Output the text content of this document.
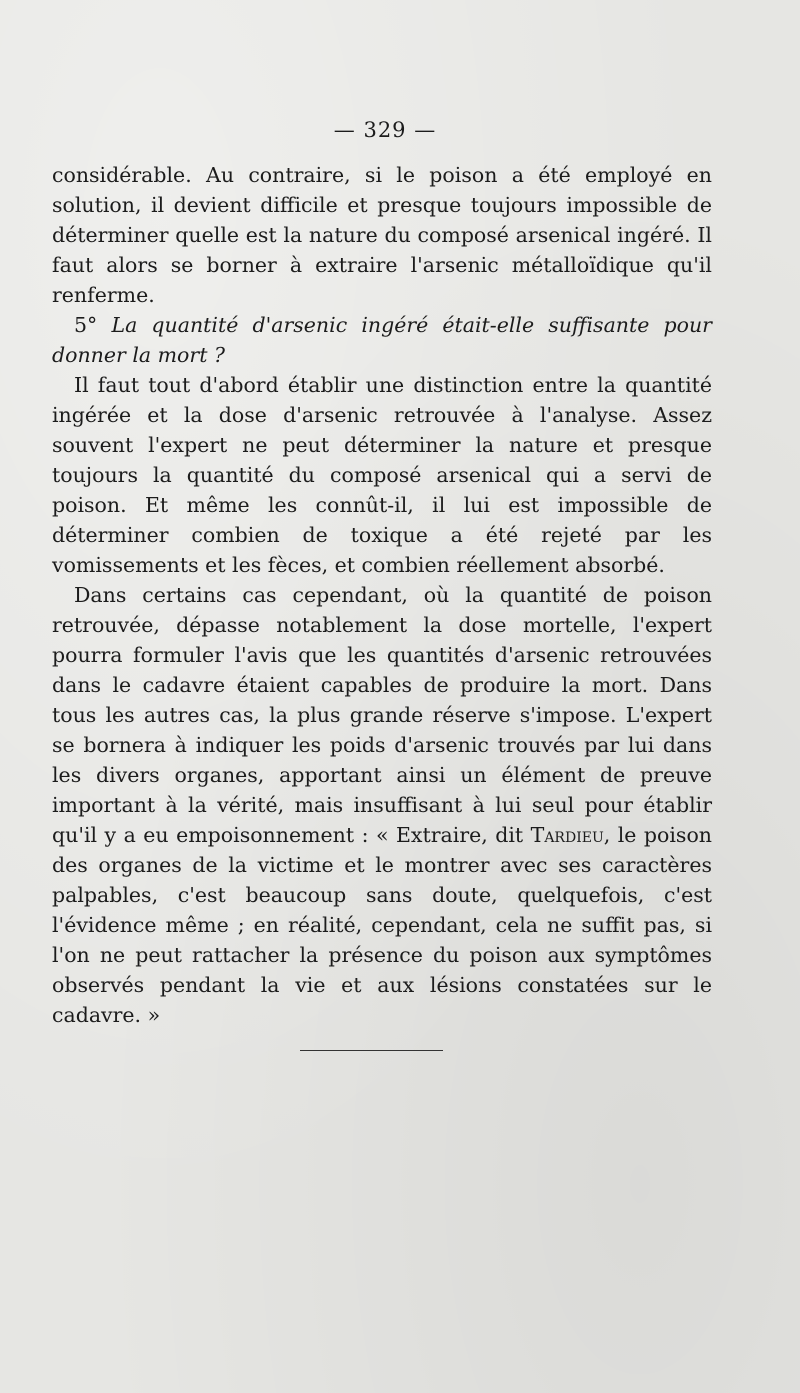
— 329 —

considérable. Au contraire, si le poison a été employé en solution, il devient difficile et presque toujours impossible de déterminer quelle est la nature du composé arsenical ingéré. Il faut alors se borner à extraire l'arsenic métalloïdique qu'il renferme.

5° La quantité d'arsenic ingéré était-elle suffisante pour donner la mort ?

Il faut tout d'abord établir une distinction entre la quantité ingérée et la dose d'arsenic retrouvée à l'analyse. Assez souvent l'expert ne peut déterminer la nature et presque toujours la quantité du composé arsenical qui a servi de poison. Et même les connût-il, il lui est impossible de déterminer combien de toxique a été rejeté par les vomissements et les fèces, et combien réellement absorbé.

Dans certains cas cependant, où la quantité de poison retrouvée, dépasse notablement la dose mortelle, l'expert pourra formuler l'avis que les quantités d'arsenic retrouvées dans le cadavre étaient capables de produire la mort. Dans tous les autres cas, la plus grande réserve s'impose. L'expert se bornera à indiquer les poids d'arsenic trouvés par lui dans les divers organes, apportant ainsi un élément de preuve important à la vérité, mais insuffisant à lui seul pour établir qu'il y a eu empoisonnement : « Extraire, dit Tardieu, le poison des organes de la victime et le montrer avec ses caractères palpables, c'est beaucoup sans doute, quelquefois, c'est l'évidence même ; en réalité, cependant, cela ne suffit pas, si l'on ne peut rattacher la présence du poison aux symptômes observés pendant la vie et aux lésions constatées sur le cadavre. »
